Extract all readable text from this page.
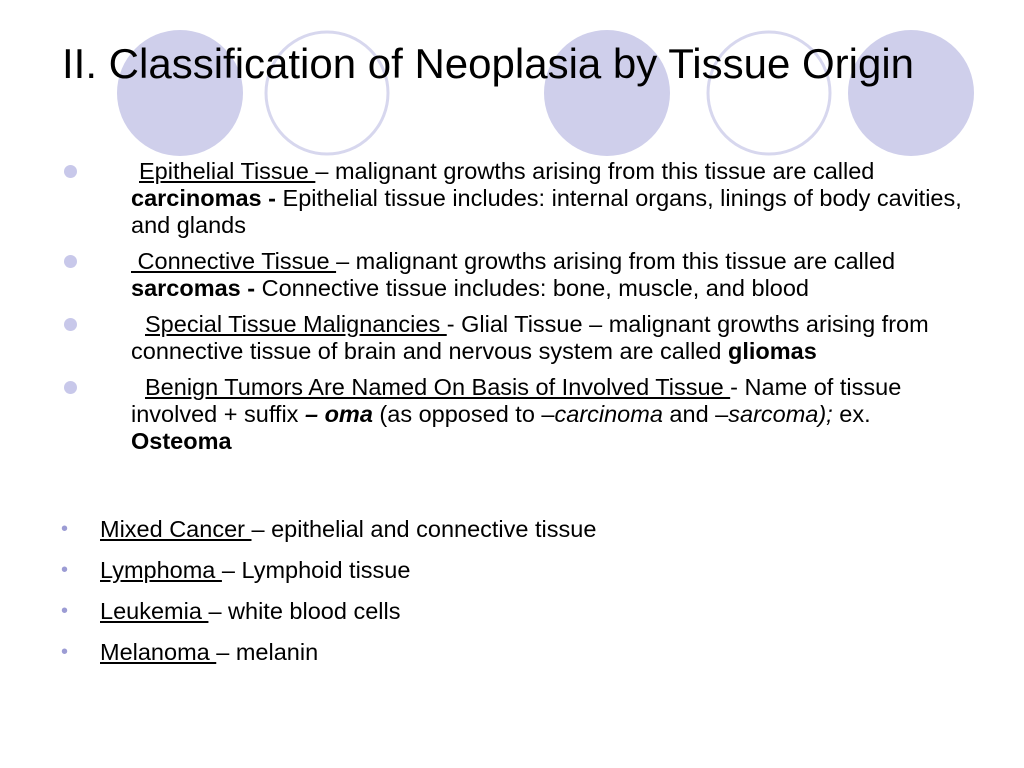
II. Classification of Neoplasia by Tissue Origin
Epithelial Tissue – malignant growths arising from this tissue are called carcinomas - Epithelial tissue includes: internal organs, linings of body cavities, and glands
Connective Tissue – malignant growths arising from this tissue are called sarcomas - Connective tissue includes: bone, muscle, and blood
Special Tissue Malignancies - Glial Tissue – malignant growths arising from connective tissue of brain and nervous system are called gliomas
Benign Tumors Are Named On Basis of Involved Tissue - Name of tissue involved + suffix – oma (as opposed to –carcinoma and –sarcoma); ex. Osteoma
• Mixed Cancer – epithelial and connective tissue
• Lymphoma – Lymphoid tissue
• Leukemia – white blood cells
• Melanoma – melanin
